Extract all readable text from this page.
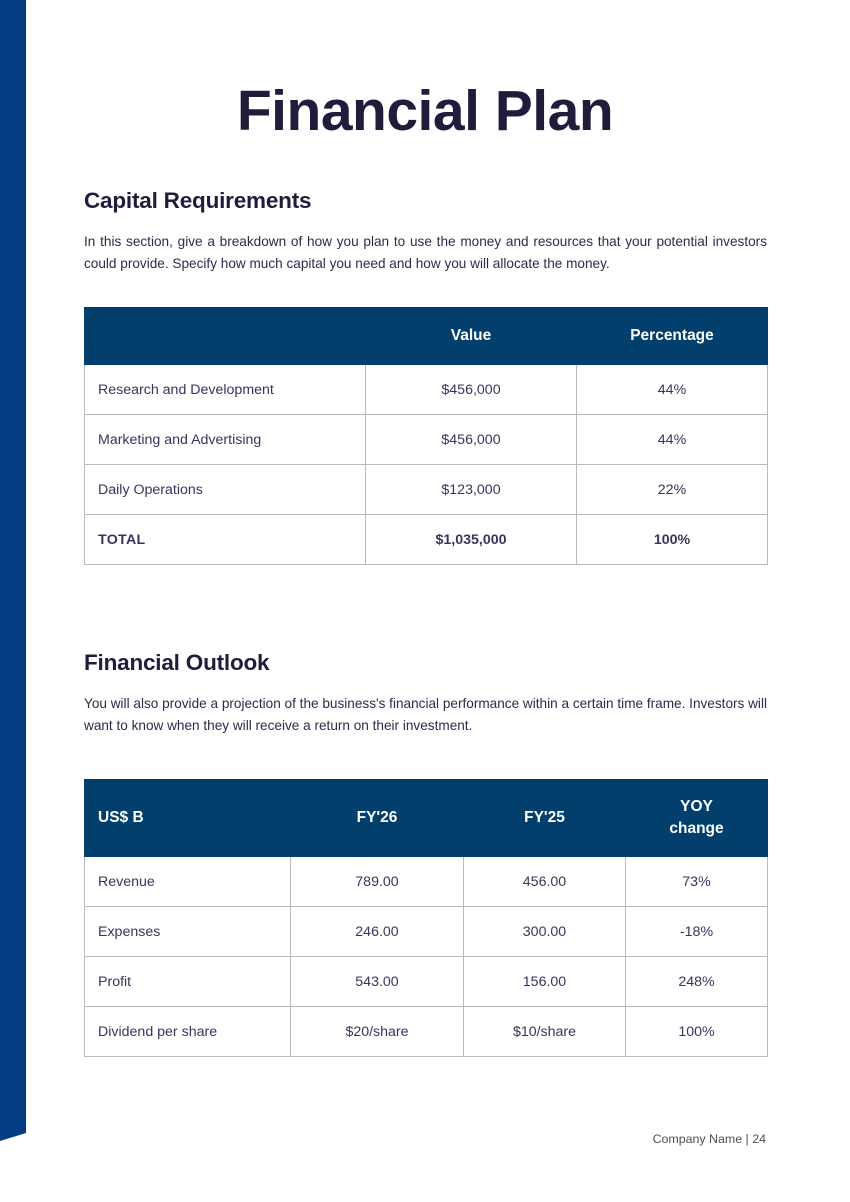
Financial Plan
Capital Requirements

In this section, give a breakdown of how you plan to use the money and resources that your potential investors could provide. Specify how much capital you need and how you will allocate the money.

	Value	Percentage
Research and Development	$456,000	44%
Marketing and Advertising	$456,000	44%
Daily Operations	$123,000	22%
TOTAL	$1,035,000	100%
Financial Outlook

You will also provide a projection of the business's financial performance within a certain time frame. Investors will want to know when they will receive a return on their investment.

US$ B	FY'26	FY'25	YOY
change
Revenue	789.00	456.00	73%
Expenses	246.00	300.00	-18%
Profit	543.00	156.00	248%
Dividend per share	$20/share	$10/share	100%
Company Name | 24
